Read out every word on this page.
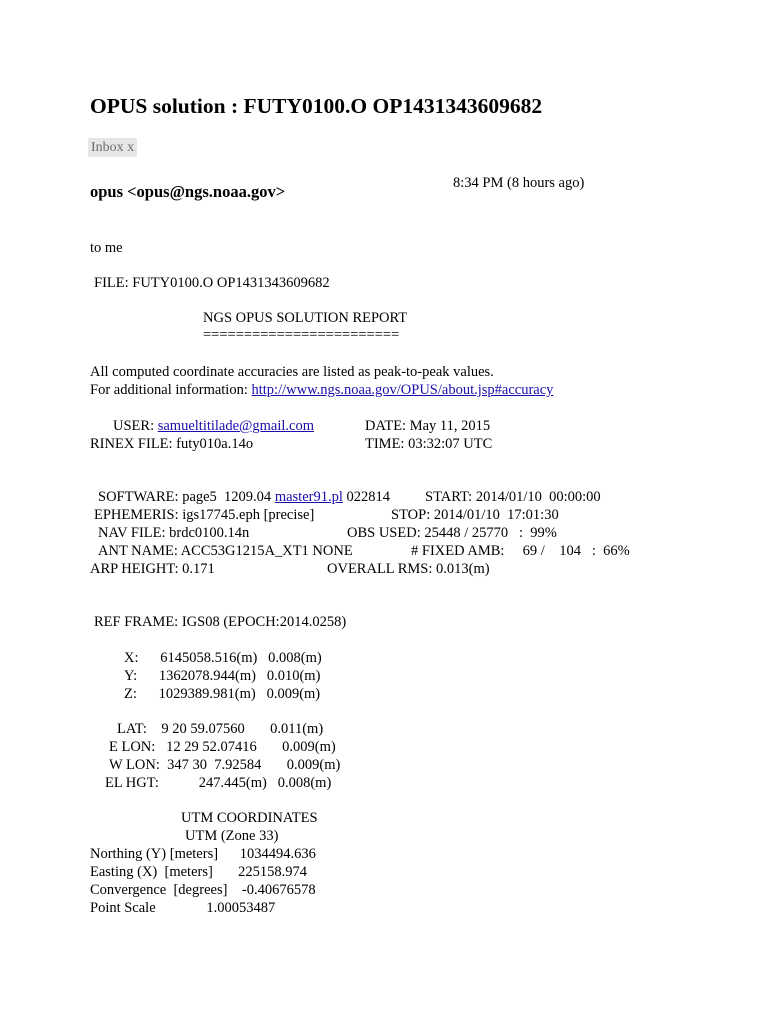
OPUS solution : FUTY0100.O OP1431343609682
Inbox x
opus <opus@ngs.noaa.gov>	8:34 PM (8 hours ago)
to me
FILE: FUTY0100.O OP1431343609682
NGS OPUS SOLUTION REPORT
========================
All computed coordinate accuracies are listed as peak-to-peak values.
For additional information: http://www.ngs.noaa.gov/OPUS/about.jsp#accuracy
USER: samueltitilade@gmail.com	DATE: May 11, 2015
RINEX FILE: futy010a.14o	TIME: 03:32:07 UTC
SOFTWARE: page5  1209.04 master91.pl 022814 START: 2014/01/10  00:00:00
EPHEMERIS: igs17745.eph [precise]	STOP: 2014/01/10  17:01:30
NAV FILE: brdc0100.14n	OBS USED: 25448 / 25770   :  99%
ANT NAME: ACC53G1215A_XT1 NONE	# FIXED AMB:     69 /    104   :  66%
ARP HEIGHT: 0.171	OVERALL RMS: 0.013(m)
REF FRAME: IGS08 (EPOCH:2014.0258)
X:      6145058.516(m)   0.008(m)
Y:      1362078.944(m)   0.010(m)
Z:      1029389.981(m)   0.009(m)
LAT:    9 20 59.07560       0.011(m)
E LON:   12 29 52.07416       0.009(m)
W LON:  347 30  7.92584       0.009(m)
EL HGT:           247.445(m)   0.008(m)
UTM COORDINATES
UTM (Zone 33)
Northing (Y) [meters]      1034494.636
Easting (X)  [meters]       225158.974
Convergence  [degrees]    -0.40676578
Point Scale              1.00053487
